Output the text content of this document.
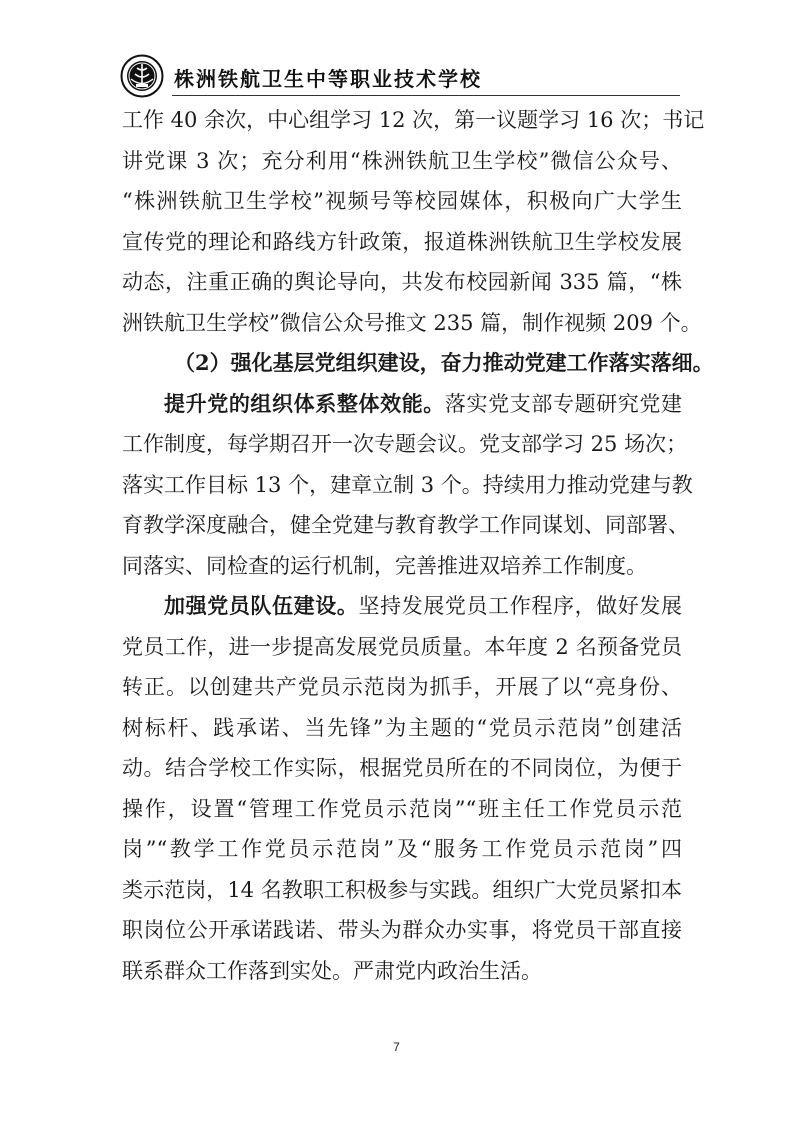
株洲铁航卫生中等职业技术学校
工作 40 余次，中心组学习 12 次，第一议题学习 16 次；书记
讲党课 3 次；充分利用“株洲铁航卫生学校”微信公众号、
“株洲铁航卫生学校”视频号等校园媒体，积极向广大学生
宣传党的理论和路线方针政策，报道株洲铁航卫生学校发展
动态，注重正确的舆论导向，共发布校园新闻 335 篇，“株
洲铁航卫生学校”微信公众号推文 235 篇，制作视频 209 个。
（2）强化基层党组织建设，奋力推动党建工作落实落细。
提升党的组织体系整体效能。落实党支部专题研究党建
工作制度，每学期召开一次专题会议。党支部学习 25 场次；
落实工作目标 13 个，建章立制 3 个。持续用力推动党建与教
育教学深度融合，健全党建与教育教学工作同谋划、同部署、
同落实、同检查的运行机制，完善推进双培养工作制度。
加强党员队伍建设。坚持发展党员工作程序，做好发展
党员工作，进一步提高发展党员质量。本年度 2 名预备党员
转正。以创建共产党员示范岗为抓手，开展了以“亮身份、
树标杆、践承诺、当先锋”为主题的“党员示范岗”创建活
动。结合学校工作实际，根据党员所在的不同岗位，为便于
操作，设置“管理工作党员示范岗”“班主任工作党员示范
岗”“教学工作党员示范岗”及“服务工作党员示范岗”四
类示范岗，14 名教职工积极参与实践。组织广大党员紧扣本
职岗位公开承诺践诺、带头为群众办实事，将党员干部直接
联系群众工作落到实处。严肃党内政治生活。
7
